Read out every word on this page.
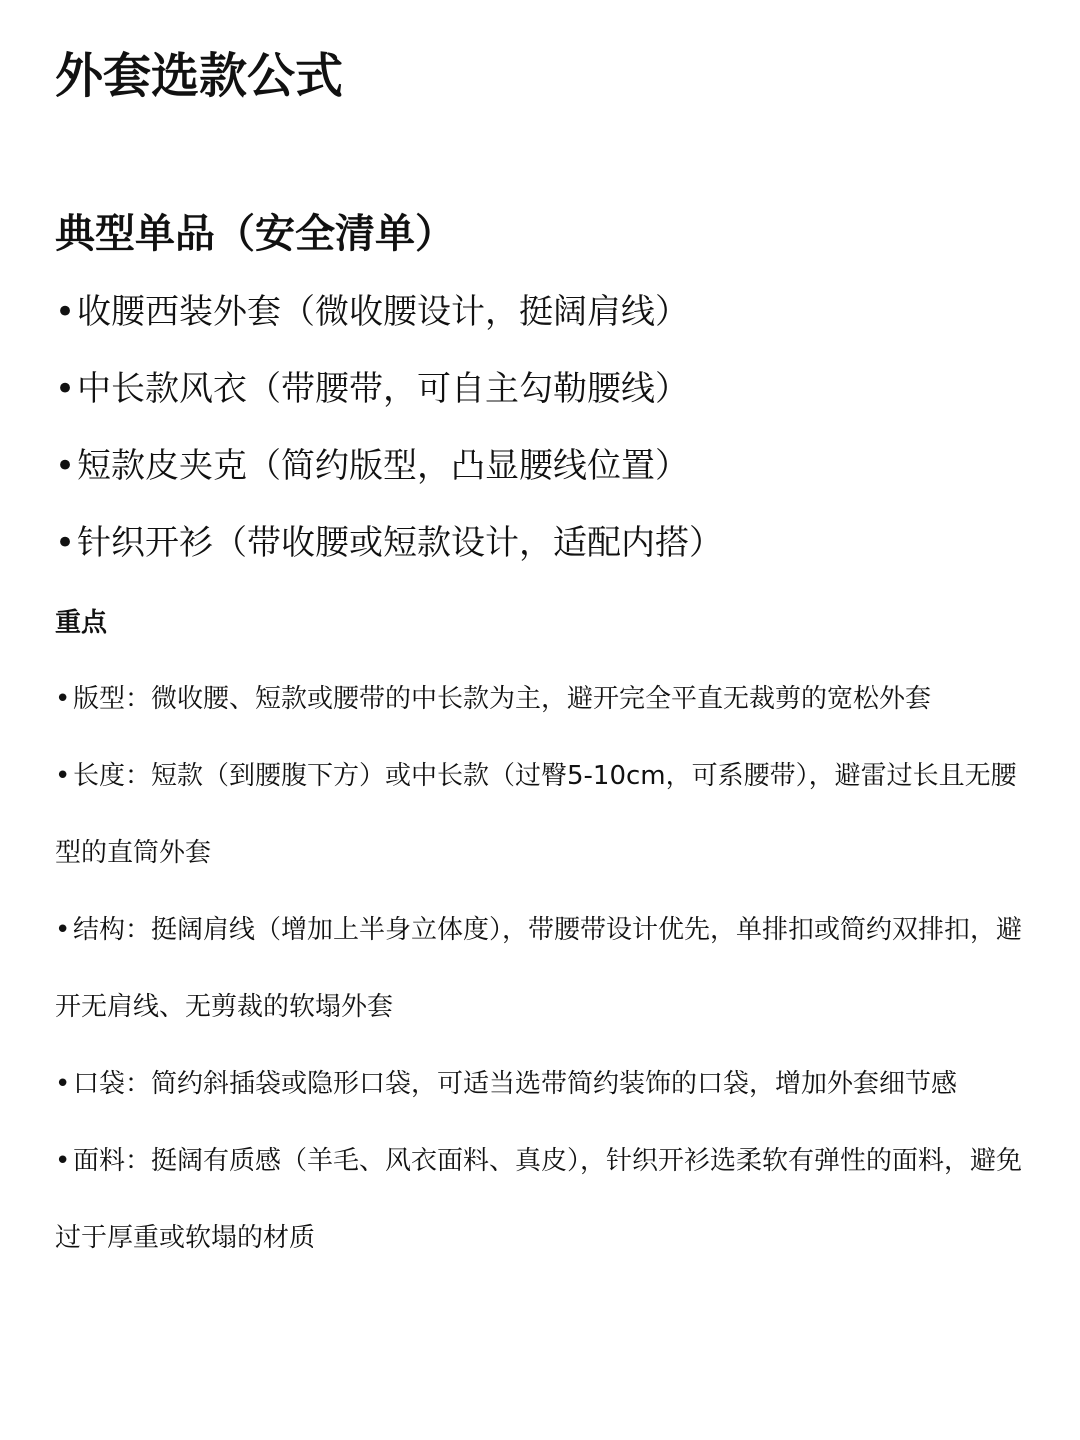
外套选款公式
典型单品（安全清单）
• 收腰西装外套（微收腰设计，挺阔肩线）
• 中长款风衣（带腰带，可自主勾勒腰线）
• 短款皮夹克（简约版型，凸显腰线位置）
• 针织开衫（带收腰或短款设计，适配内搭）
重点
• 版型：微收腰、短款或腰带的中长款为主，避开完全平直无裁剪的宽松外套
• 长度：短款（到腰腹下方）或中长款（过臀5-10cm，可系腰带），避雷过长且无腰型的直筒外套
• 结构：挺阔肩线（增加上半身立体度），带腰带设计优先，单排扣或简约双排扣，避开无肩线、无剪裁的软塌外套
• 口袋：简约斜插袋或隐形口袋，可适当选带简约装饰的口袋，增加外套细节感
• 面料：挺阔有质感（羊毛、风衣面料、真皮），针织开衫选柔软有弹性的面料，避免过于厚重或软塌的材质
